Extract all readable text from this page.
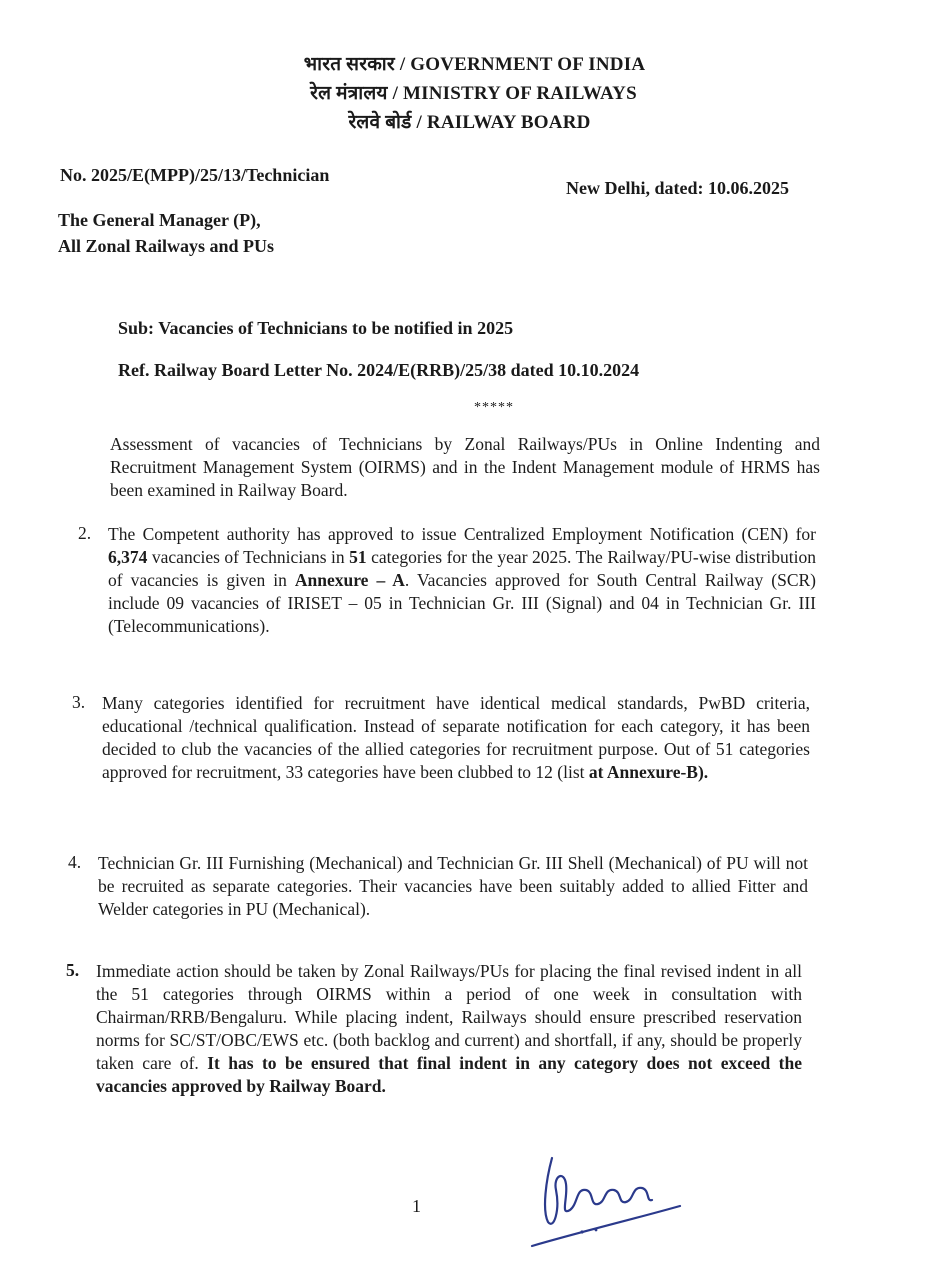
भारत सरकार / GOVERNMENT OF INDIA
रेल मंत्रालय / MINISTRY OF RAILWAYS
रेलवे बोर्ड / RAILWAY BOARD
No. 2025/E(MPP)/25/13/Technician
New Delhi, dated: 10.06.2025
The General Manager (P),
All Zonal Railways and PUs
Sub: Vacancies of Technicians to be notified in 2025
Ref. Railway Board Letter No. 2024/E(RRB)/25/38 dated 10.10.2024
*****
Assessment of vacancies of Technicians by Zonal Railways/PUs in Online Indenting and Recruitment Management System (OIRMS) and in the Indent Management module of HRMS has been examined in Railway Board.
2. The Competent authority has approved to issue Centralized Employment Notification (CEN) for 6,374 vacancies of Technicians in 51 categories for the year 2025. The Railway/PU-wise distribution of vacancies is given in Annexure – A. Vacancies approved for South Central Railway (SCR) include 09 vacancies of IRISET – 05 in Technician Gr. III (Signal) and 04 in Technician Gr. III (Telecommunications).
3. Many categories identified for recruitment have identical medical standards, PwBD criteria, educational /technical qualification. Instead of separate notification for each category, it has been decided to club the vacancies of the allied categories for recruitment purpose. Out of 51 categories approved for recruitment, 33 categories have been clubbed to 12 (list at Annexure-B).
4. Technician Gr. III Furnishing (Mechanical) and Technician Gr. III Shell (Mechanical) of PU will not be recruited as separate categories. Their vacancies have been suitably added to allied Fitter and Welder categories in PU (Mechanical).
5. Immediate action should be taken by Zonal Railways/PUs for placing the final revised indent in all the 51 categories through OIRMS within a period of one week in consultation with Chairman/RRB/Bengaluru. While placing indent, Railways should ensure prescribed reservation norms for SC/ST/OBC/EWS etc. (both backlog and current) and shortfall, if any, should be properly taken care of. It has to be ensured that final indent in any category does not exceed the vacancies approved by Railway Board.
1
